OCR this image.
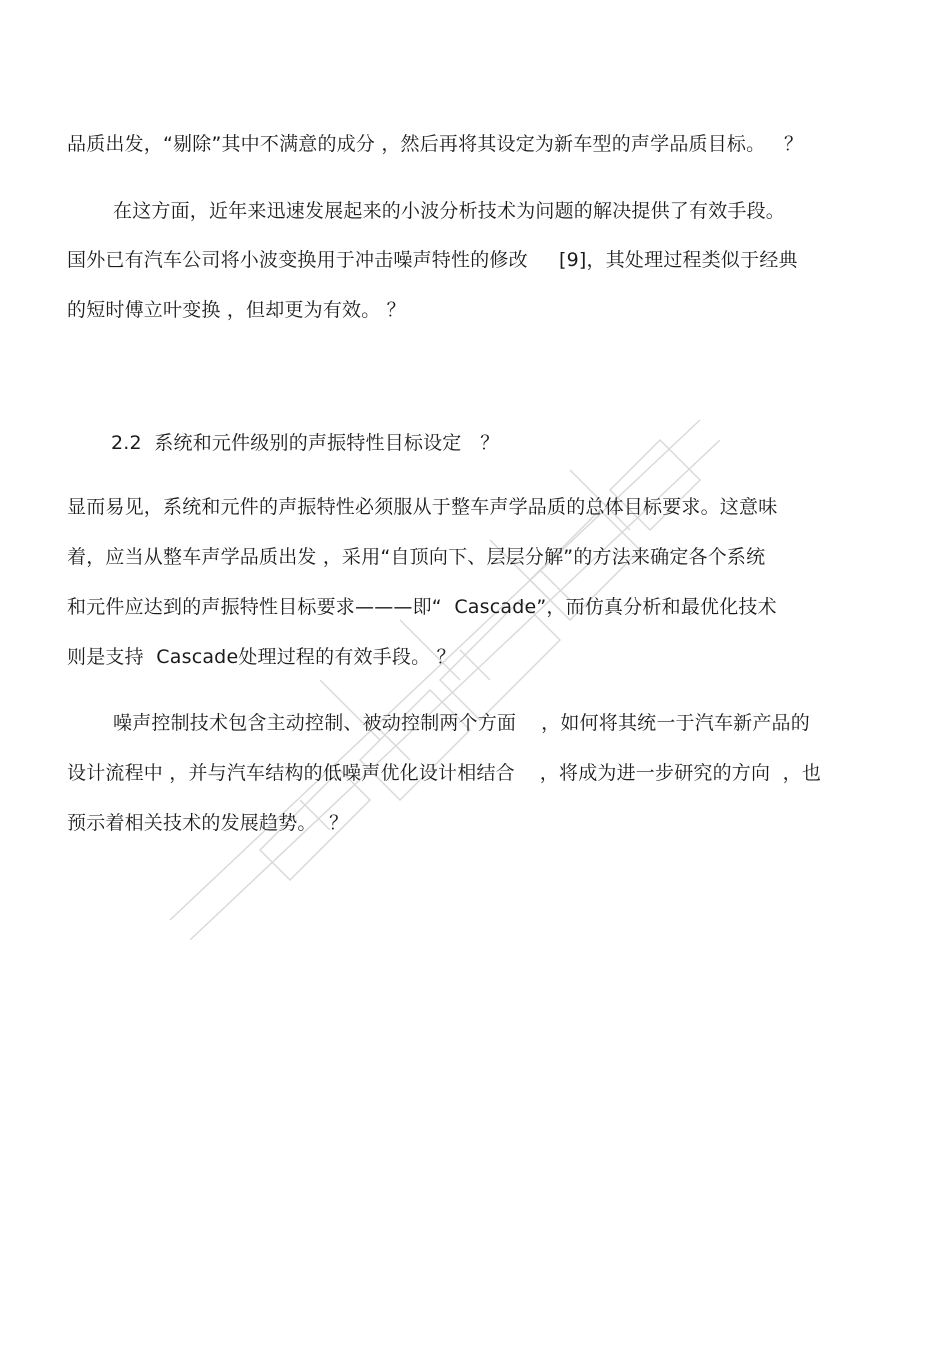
品质出发，“剔除”其中不满意的成分 ，然后再将其设定为新车型的声学品质目标。   ？
在这方面，近年来迅速发展起来的小波分析技术为问题的解决提供了有效手段。
国外已有汽车公司将小波变换用于冲击噪声特性的修改     [9]，其处理过程类似于经典
的短时傅立叶变换 ，但却更为有效。 ？
2.2  系统和元件级别的声振特性目标设定   ？
显而易见，系统和元件的声振特性必须服从于整车声学品质的总体目标要求。这意味
着，应当从整车声学品质出发 ，采用“自顶向下、层层分解”的方法来确定各个系统
和元件应达到的声振特性目标要求———即“  Cascade”，而仿真分析和最优化技术
则是支持  Cascade处理过程的有效手段。 ？
噪声控制技术包含主动控制、被动控制两个方面    ，如何将其统一于汽车新产品的
设计流程中 ，并与汽车结构的低噪声优化设计相结合    ，将成为进一步研究的方向  ，也
预示着相关技术的发展趋势。  ？
